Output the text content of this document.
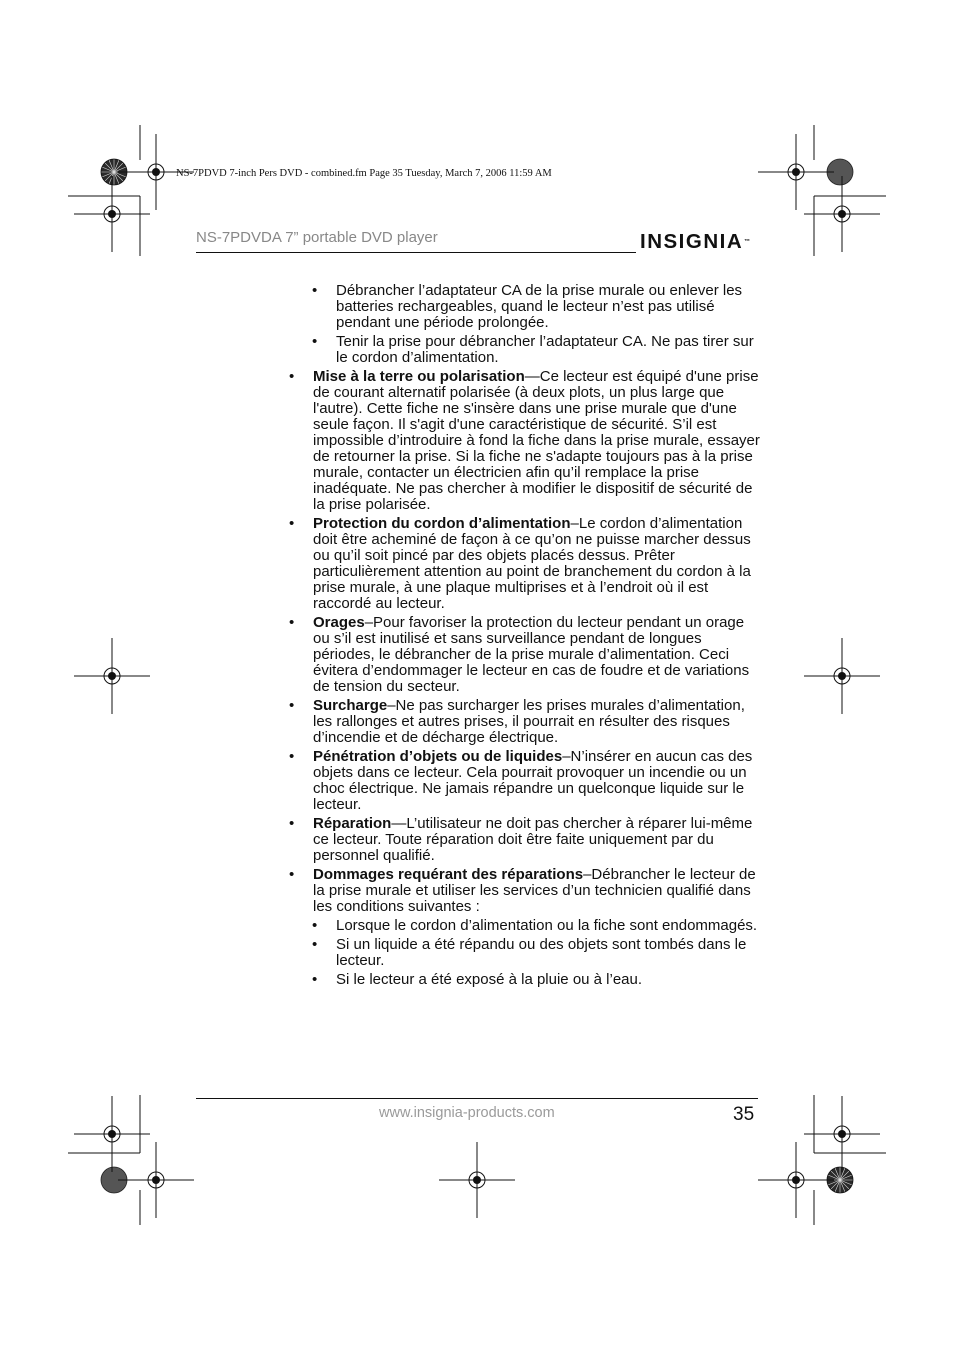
NS-7PDVD 7-inch Pers DVD - combined.fm Page 35 Tuesday, March 7, 2006 11:59 AM
NS-7PDVDA 7” portable DVD player	INSIGNIA™
• Débrancher l’adaptateur CA de la prise murale ou enlever les batteries rechargeables, quand le lecteur n’est pas utilisé pendant une période prolongée.
• Tenir la prise pour débrancher l’adaptateur CA. Ne pas tirer sur le cordon d’alimentation.
• Mise à la terre ou polarisation—Ce lecteur est équipé d'une prise de courant alternatif polarisée (à deux plots, un plus large que l'autre). Cette fiche ne s'insère dans une prise murale que d'une seule façon. Il s'agit d'une caractéristique de sécurité. S’il est impossible d’introduire à fond la fiche dans la prise murale, essayer de retourner la prise. Si la fiche ne s'adapte toujours pas à la prise murale, contacter un électricien afin qu’il remplace la prise inadéquate. Ne pas chercher à modifier le dispositif de sécurité de la prise polarisée.
• Protection du cordon d’alimentation–Le cordon d’alimentation doit être acheminé de façon à ce qu’on ne puisse marcher dessus ou qu’il soit pincé par des objets placés dessus. Prêter particulièrement attention au point de branchement du cordon à la prise murale, à une plaque multiprises et à l’endroit où il est raccordé au lecteur.
• Orages–Pour favoriser la protection du lecteur pendant un orage ou s’il est inutilisé et sans surveillance pendant de longues périodes, le débrancher de la prise murale d’alimentation. Ceci évitera d’endommager le lecteur en cas de foudre et de variations de tension du secteur.
• Surcharge–Ne pas surcharger les prises murales d’alimentation, les rallonges et autres prises, il pourrait en résulter des risques d’incendie et de décharge électrique.
• Pénétration d’objets ou de liquides–N’insérer en aucun cas des objets dans ce lecteur. Cela pourrait provoquer un incendie ou un choc électrique. Ne jamais répandre un quelconque liquide sur le lecteur.
• Réparation—L’utilisateur ne doit pas chercher à réparer lui-même ce lecteur. Toute réparation doit être faite uniquement par du personnel qualifié.
• Dommages requérant des réparations–Débrancher le lecteur de la prise murale et utiliser les services d’un technicien qualifié dans les conditions suivantes :
• Lorsque le cordon d’alimentation ou la fiche sont endommagés.
• Si un liquide a été répandu ou des objets sont tombés dans le lecteur.
• Si le lecteur a été exposé à la pluie ou à l’eau.
www.insignia-products.com	35
